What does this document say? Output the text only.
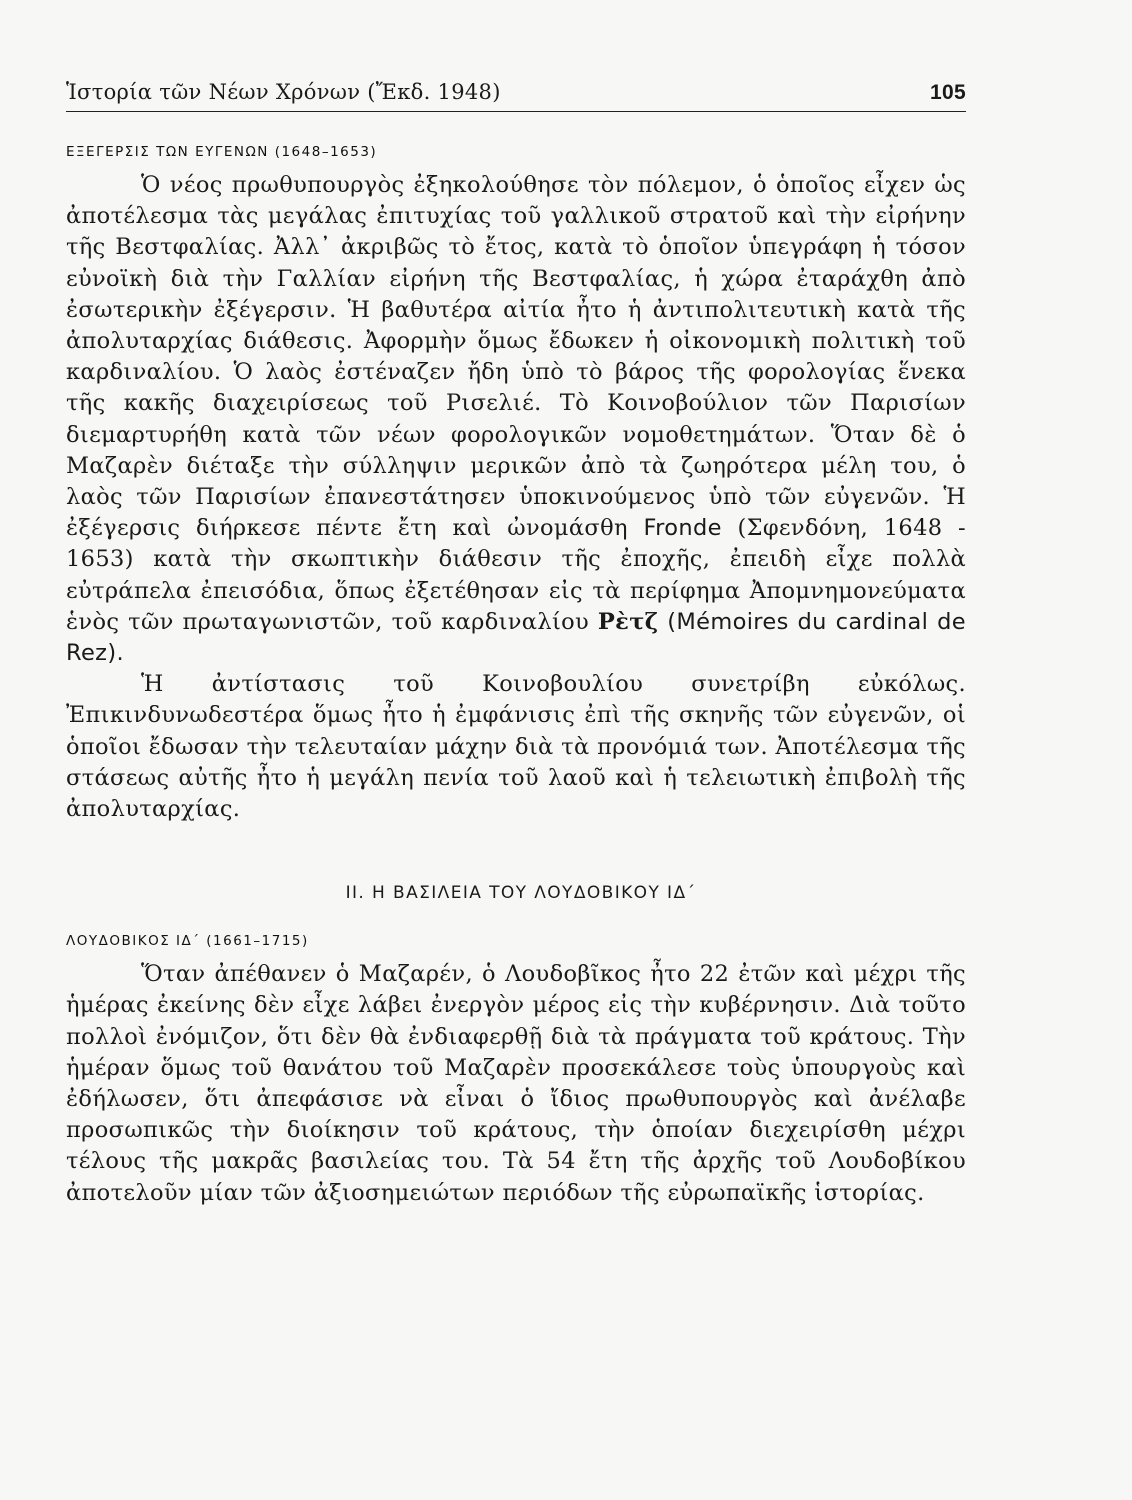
Ἱστορία τῶν Νέων Χρόνων (Ἔκδ. 1948)	105
ΕΞΕΓΕΡΣΙΣ ΤΩΝ ΕΥΓΕΝΩΝ (1648–1653)

Ὁ νέος πρωθυπουργὸς ἐξηκολούθησε τὸν πόλεμον, ὁ ὁποῖος εἶχεν ὡς ἀποτέλεσμα τὰς μεγάλας ἐπιτυχίας τοῦ γαλλικοῦ στρατοῦ καὶ τὴν εἰρήνην τῆς Βεστφαλίας. Ἀλλ᾿ ἀκριβῶς τὸ ἔτος, κατὰ τὸ ὁποῖον ὑπεγράφη ἡ τόσον εὐνοϊκὴ διὰ τὴν Γαλλίαν εἰρήνη τῆς Βεστφαλίας, ἡ χώρα ἐταράχθη ἀπὸ ἐσωτερικὴν ἐξέγερσιν. Ἡ βαθυτέρα αἰτία ἦτο ἡ ἀντιπολιτευτικὴ κατὰ τῆς ἀπολυταρχίας διάθεσις. Ἀφορμὴν ὅμως ἔδωκεν ἡ οἰκονομικὴ πολιτικὴ τοῦ καρδιναλίου. Ὁ λαὸς ἐστέναζεν ἤδη ὑπὸ τὸ βάρος τῆς φορολογίας ἕνεκα τῆς κακῆς διαχειρίσεως τοῦ Ρισελιέ. Τὸ Κοινοβούλιον τῶν Παρισίων διεμαρτυρήθη κατὰ τῶν νέων φορολογικῶν νομοθετημάτων. Ὅταν δὲ ὁ Μαζαρὲν διέταξε τὴν σύλληψιν μερικῶν ἀπὸ τὰ ζωηρότερα μέλη του, ὁ λαὸς τῶν Παρισίων ἐπανεστάτησεν ὑποκινούμενος ὑπὸ τῶν εὐγενῶν. Ἡ ἐξέγερσις διήρκεσε πέντε ἔτη καὶ ὠνομάσθη Fronde (Σφενδόνη, 1648 - 1653) κατὰ τὴν σκωπτικὴν διάθεσιν τῆς ἐποχῆς, ἐπειδὴ εἶχε πολλὰ εὐτράπελα ἐπεισόδια, ὅπως ἐξετέθησαν εἰς τὰ περίφημα Ἀπομνημονεύματα ἑνὸς τῶν πρωταγωνιστῶν, τοῦ καρδιναλίου Ρὲτζ (Mémoires du cardinal de Rez).

Ἡ ἀντίστασις τοῦ Κοινοβουλίου συνετρίβη εὐκόλως. Ἐπικινδυνωδεστέρα ὅμως ἦτο ἡ ἐμφάνισις ἐπὶ τῆς σκηνῆς τῶν εὐγενῶν, οἱ ὁποῖοι ἔδωσαν τὴν τελευταίαν μάχην διὰ τὰ προνόμιά των. Ἀποτέλεσμα τῆς στάσεως αὐτῆς ἦτο ἡ μεγάλη πενία τοῦ λαοῦ καὶ ἡ τελειωτικὴ ἐπιβολὴ τῆς ἀπολυταρχίας.

ΙΙ. Η ΒΑΣΙΛΕΙΑ ΤΟΥ ΛΟΥΔΟΒΙΚΟΥ ΙΔ΄
ΛΟΥΔΟΒΙΚΟΣ ΙΔ΄ (1661–1715)

Ὅταν ἀπέθανεν ὁ Μαζαρέν, ὁ Λουδοβῖκος ἦτο 22 ἐτῶν καὶ μέχρι τῆς ἡμέρας ἐκείνης δὲν εἶχε λάβει ἐνεργὸν μέρος εἰς τὴν κυβέρνησιν. Διὰ τοῦτο πολλοὶ ἐνόμιζον, ὅτι δὲν θὰ ἐνδιαφερθῇ διὰ τὰ πράγματα τοῦ κράτους. Τὴν ἡμέραν ὅμως τοῦ θανάτου τοῦ Μαζαρὲν προσεκάλεσε τοὺς ὑπουργοὺς καὶ ἐδήλωσεν, ὅτι ἀπεφάσισε νὰ εἶναι ὁ ἴδιος πρωθυπουργὸς καὶ ἀνέλαβε προσωπικῶς τὴν διοίκησιν τοῦ κράτους, τὴν ὁποίαν διεχειρίσθη μέχρι τέλους τῆς μακρᾶς βασιλείας του. Τὰ 54 ἔτη τῆς ἀρχῆς τοῦ Λουδοβίκου ἀποτελοῦν μίαν τῶν ἀξιοσημειώτων περιόδων τῆς εὐρωπαϊκῆς ἱστορίας.
